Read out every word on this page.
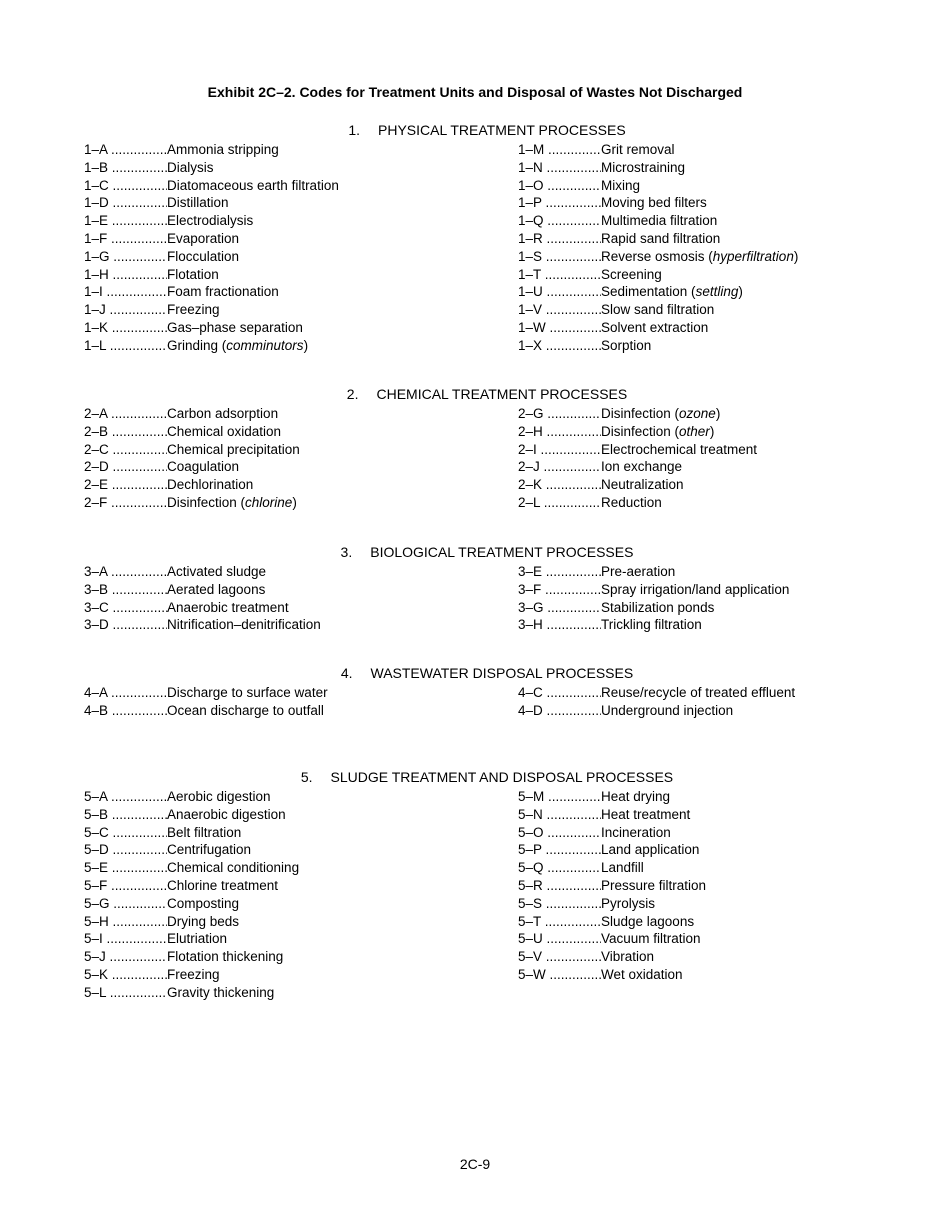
Exhibit 2C–2. Codes for Treatment Units and Disposal of Wastes Not Discharged
1. PHYSICAL TREATMENT PROCESSES
1–A .....	Ammonia stripping
1–B .....	Dialysis
1–C .....	Diatomaceous earth filtration
1–D .....	Distillation
1–E .....	Electrodialysis
1–F .....	Evaporation
1–G .....	Flocculation
1–H .....	Flotation
1–I .....	Foam fractionation
1–J .....	Freezing
1–K .....	Gas–phase separation
1–L .....	Grinding (comminutors)
1–M .....	Grit removal
1–N .....	Microstraining
1–O .....	Mixing
1–P .....	Moving bed filters
1–Q .....	Multimedia filtration
1–R .....	Rapid sand filtration
1–S .....	Reverse osmosis (hyperfiltration)
1–T .....	Screening
1–U .....	Sedimentation (settling)
1–V .....	Slow sand filtration
1–W .....	Solvent extraction
1–X .....	Sorption
2. CHEMICAL TREATMENT PROCESSES
2–A .....	Carbon adsorption
2–B .....	Chemical oxidation
2–C .....	Chemical precipitation
2–D .....	Coagulation
2–E .....	Dechlorination
2–F .....	Disinfection (chlorine)
2–G .....	Disinfection (ozone)
2–H .....	Disinfection (other)
2–I .....	Electrochemical treatment
2–J .....	Ion exchange
2–K .....	Neutralization
2–L .....	Reduction
3. BIOLOGICAL TREATMENT PROCESSES
3–A .....	Activated sludge
3–B .....	Aerated lagoons
3–C .....	Anaerobic treatment
3–D .....	Nitrification–denitrification
3–E .....	Pre-aeration
3–F .....	Spray irrigation/land application
3–G .....	Stabilization ponds
3–H .....	Trickling filtration
4. WASTEWATER DISPOSAL PROCESSES
4–A .....	Discharge to surface water
4–B .....	Ocean discharge to outfall
4–C .....	Reuse/recycle of treated effluent
4–D .....	Underground injection
5. SLUDGE TREATMENT AND DISPOSAL PROCESSES
5–A .....	Aerobic digestion
5–B .....	Anaerobic digestion
5–C .....	Belt filtration
5–D .....	Centrifugation
5–E .....	Chemical conditioning
5–F .....	Chlorine treatment
5–G .....	Composting
5–H .....	Drying beds
5–I .....	Elutriation
5–J .....	Flotation thickening
5–K .....	Freezing
5–L .....	Gravity thickening
5–M .....	Heat drying
5–N .....	Heat treatment
5–O .....	Incineration
5–P .....	Land application
5–Q .....	Landfill
5–R .....	Pressure filtration
5–S .....	Pyrolysis
5–T .....	Sludge lagoons
5–U .....	Vacuum filtration
5–V .....	Vibration
5–W .....	Wet oxidation
2C-9
